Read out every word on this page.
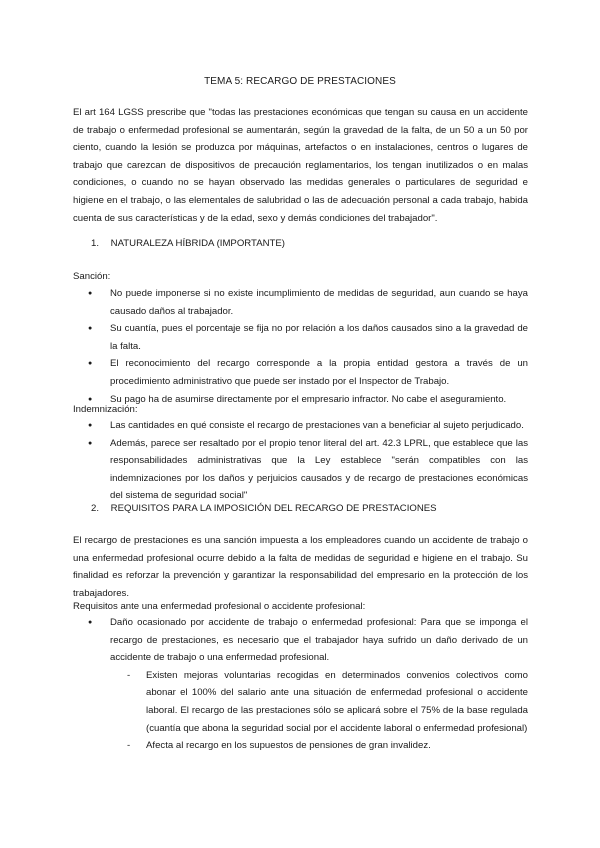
TEMA 5: RECARGO DE PRESTACIONES

El art 164 LGSS prescribe que "todas las prestaciones económicas que tengan su causa en un accidente de trabajo o enfermedad profesional se aumentarán, según la gravedad de la falta, de un 50 a un 50 por ciento, cuando la lesión se produzca por máquinas, artefactos o en instalaciones, centros o lugares de trabajo que carezcan de dispositivos de precaución reglamentarios, los tengan inutilizados o en malas condiciones, o cuando no se hayan observado las medidas generales o particulares de seguridad e higiene en el trabajo, o las elementales de salubridad o las de adecuación personal a cada trabajo, habida cuenta de sus características y de la edad, sexo y demás condiciones del trabajador".

1. NATURALEZA HÍBRIDA (IMPORTANTE)

Sanción:

● No puede imponerse si no existe incumplimiento de medidas de seguridad, aun cuando se haya causado daños al trabajador.
● Su cuantía, pues el porcentaje se fija no por relación a los daños causados sino a la gravedad de la falta.
● El reconocimiento del recargo corresponde a la propia entidad gestora a través de un procedimiento administrativo que puede ser instado por el Inspector de Trabajo.
● Su pago ha de asumirse directamente por el empresario infractor. No cabe el aseguramiento.

Indemnización:

● Las cantidades en qué consiste el recargo de prestaciones van a beneficiar al sujeto perjudicado.
● Además, parece ser resaltado por el propio tenor literal del art. 42.3 LPRL, que establece que las responsabilidades administrativas que la Ley establece "serán compatibles con las indemnizaciones por los daños y perjuicios causados y de recargo de prestaciones económicas del sistema de seguridad social"

2. REQUISITOS PARA LA IMPOSICIÓN DEL RECARGO DE PRESTACIONES

El recargo de prestaciones es una sanción impuesta a los empleadores cuando un accidente de trabajo o una enfermedad profesional ocurre debido a la falta de medidas de seguridad e higiene en el trabajo. Su finalidad es reforzar la prevención y garantizar la responsabilidad del empresario en la protección de los trabajadores.

Requisitos ante una enfermedad profesional o accidente profesional:

● Daño ocasionado por accidente de trabajo o enfermedad profesional: Para que se imponga el recargo de prestaciones, es necesario que el trabajador haya sufrido un daño derivado de un accidente de trabajo o una enfermedad profesional.
- Existen mejoras voluntarias recogidas en determinados convenios colectivos como abonar el 100% del salario ante una situación de enfermedad profesional o accidente laboral. El recargo de las prestaciones sólo se aplicará sobre el 75% de la base regulada (cuantía que abona la seguridad social por el accidente laboral o enfermedad profesional)
- Afecta al recargo en los supuestos de pensiones de gran invalidez.
